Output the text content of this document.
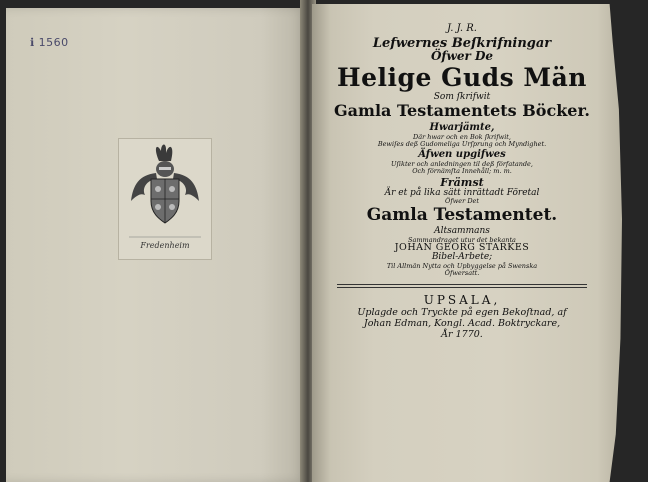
ℹ 1560
Fredenheim
J. J. R.
Lefwernes Beſkrifningar
Öfwer De
Helige Guds Män
Som ſkrifwit
Gamla Testamentets Böcker.
Hwarjämte,
Där hwar och en Bok ſkrifwit,
Bewiſes deß Gudomeliga Urſprung och Myndighet.
Äfwen upgifwes
Uſikter och anledningen til deß förfatande,
Och förnämſta Innehåll; m. m.
Främst
Är et på lika sätt inrättadt Företal
Öfwer Det
Gamla Testamentet.
Altsammans
Sammandraget utur det bekanta
JOHAN GEORG STARKES
Bibel-Arbete;
Til Allmän Nytta och Upbyggelse på Swenska
Öfwersatt.
UPSALA,
Uplagde och Tryckte på egen Bekoſtnad, af
Johan Edman, Kongl. Acad. Boktryckare,
År 1770.
